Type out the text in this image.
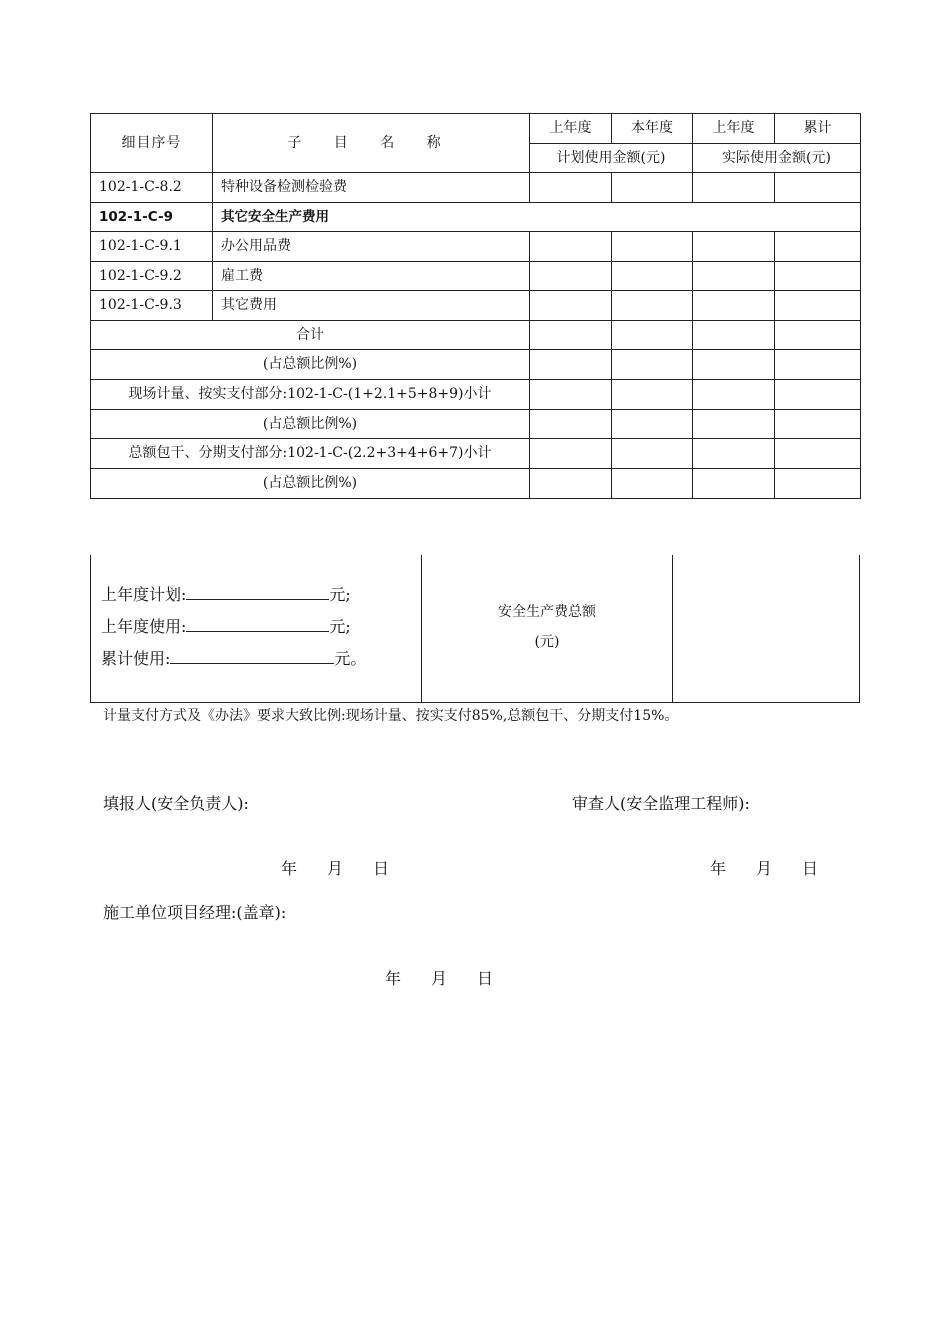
细目序号	子 目 名 称	上年度	本年度	上年度	累计
		计划使用金额(元)		实际使用金额(元)	
102-1-C-8.2	特种设备检测检验费				
102-1-C-9	其它安全生产费用				
102-1-C-9.1	办公用品费				
102-1-C-9.2	雇工费				
102-1-C-9.3	其它费用				
合计					
(占总额比例%)					
现场计量、按实支付部分:102-1-C-(1+2.1+5+8+9)小计					
(占总额比例%)					
总额包干、分期支付部分:102-1-C-(2.2+3+4+6+7)小计					
(占总额比例%)					
上年度计划:	元;
上年度使用:	元;
累计使用:	元。
安全生产费总额
(元)
计量支付方式及《办法》要求大致比例:现场计量、按实支付85%,总额包干、分期支付15%。
填报人(安全负责人):	审查人(安全监理工程师):
年 月 日	年 月 日
施工单位项目经理:(盖章):
年 月 日
